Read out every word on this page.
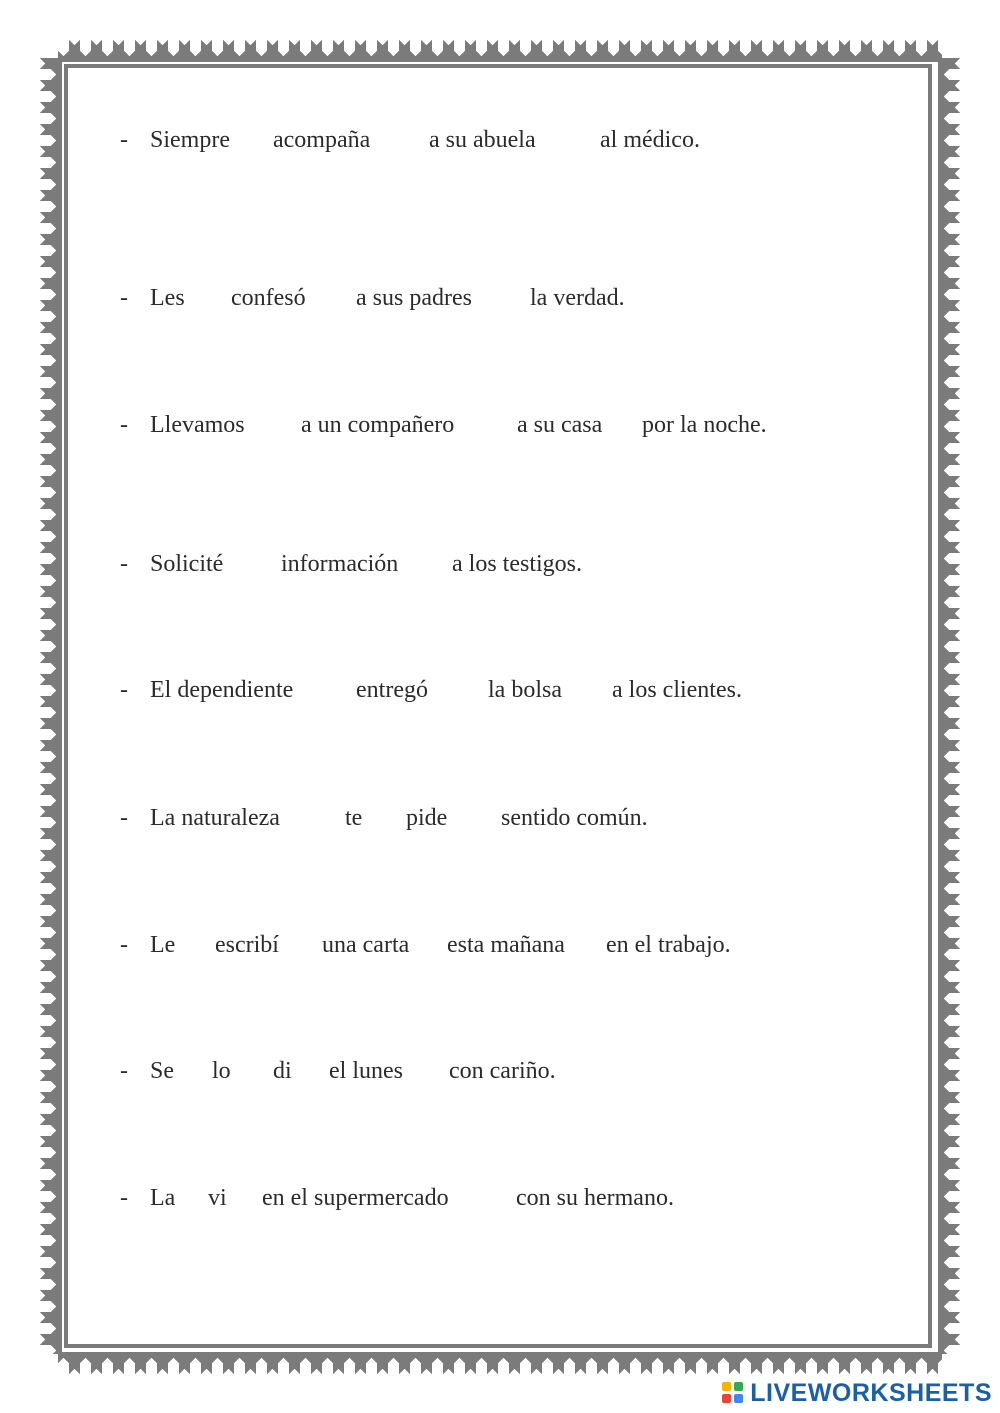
- Siempre acompaña a su abuela	al médico.
- Les confesó a sus padres la verdad.
- Llevamos a un compañero	a su casa por la noche.
- Solicité información a los testigos.
- El dependiente	entregó	la bolsa a los clientes.
- La naturaleza	te pide sentido común.
- Le escribí una carta esta mañana en el trabajo.
- Se lo di el lunes con cariño.
- La vi en el supermercado	con su hermano.
LIVEWORKSHEETS
